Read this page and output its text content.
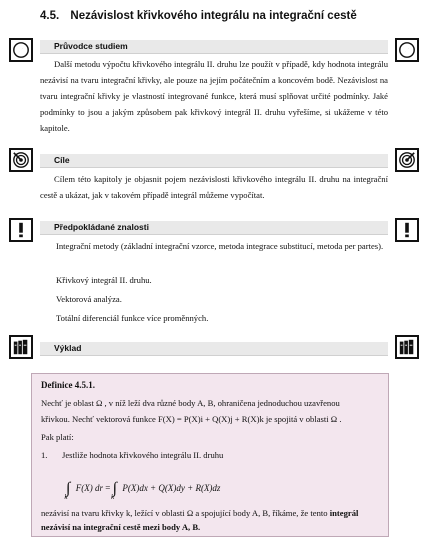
4.5. Nezávislost křivkového integrálu na integrační cestě
Průvodce studiem
Další metodu výpočtu křivkového integrálu II. druhu lze použít v případě, kdy hodnota integrálu nezávisí na tvaru integrační křivky, ale pouze na jejím počátečním a koncovém bodě. Nezávislost na tvaru integrační křivky je vlastností integrované funkce, která musí splňovat určité podmínky. Jaké podmínky to jsou a jakým způsobem pak křivkový integrál II. druhu vyřešíme, si ukážeme v této kapitole.
Cíle
Cílem této kapitoly je objasnit pojem nezávislosti křivkového integrálu II. druhu na integrační cestě a ukázat, jak v takovém případě integrál můžeme vypočítat.
Předpokládané znalosti
Integrační metody (základní integrační vzorce, metoda integrace substitucí, metoda per partes).
Křivkový integrál II. druhu.
Vektorová analýza.
Totální diferenciál funkce více proměnných.
Výklad
Definice 4.5.1.
Nechť je oblast Ω , v níž leží dva různé body A, B, ohraničena jednoduchou uzavřenou
křivkou. Nechť vektorová funkce F(X) = P(X)i + Q(X)j + R(X)k je spojitá v oblasti Ω .
Pak platí:
1.	Jestliže hodnota křivkového integrálu II. druhu
$\int_k$ F(X) dr = $\int_k$ P(X)dx + Q(X)dy + R(X)dz
nezávisí na tvaru křivky k, ležící v oblasti Ω a spojující body A, B, říkáme, že tento integrál
nezávisí na integrační cestě mezi body A, B.
